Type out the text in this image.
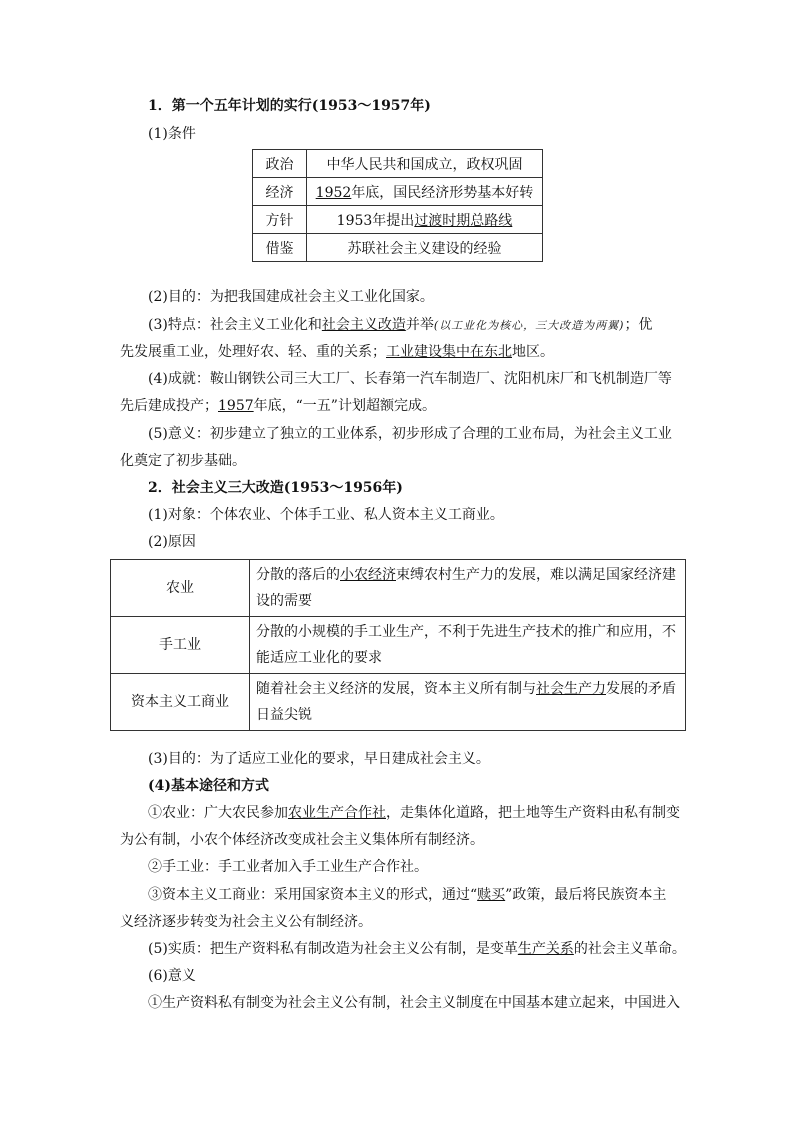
1．第一个五年计划的实行(1953～1957年)
(1)条件
政治	中华人民共和国成立，政权巩固
经济	1952年底，国民经济形势基本好转
方针	1953年提出过渡时期总路线
借鉴	苏联社会主义建设的经验
(2)目的：为把我国建成社会主义工业化国家。
(3)特点：社会主义工业化和社会主义改造并举(以工业化为核心，三大改造为两翼)；优
先发展重工业，处理好农、轻、重的关系；工业建设集中在东北地区。
(4)成就：鞍山钢铁公司三大工厂、长春第一汽车制造厂、沈阳机床厂和飞机制造厂等
先后建成投产；1957年底，“一五”计划超额完成。
(5)意义：初步建立了独立的工业体系，初步形成了合理的工业布局，为社会主义工业
化奠定了初步基础。
2．社会主义三大改造(1953～1956年)
(1)对象：个体农业、个体手工业、私人资本主义工商业。
(2)原因
农业	分散的落后的小农经济束缚农村生产力的发展，难以满足国家经济建设的需要
手工业	分散的小规模的手工业生产，不利于先进生产技术的推广和应用，不能适应工业化的要求
资本主义工商业	随着社会主义经济的发展，资本主义所有制与社会生产力发展的矛盾日益尖锐
(3)目的：为了适应工业化的要求，早日建成社会主义。
(4)基本途径和方式
①农业：广大农民参加农业生产合作社，走集体化道路，把土地等生产资料由私有制变
为公有制，小农个体经济改变成社会主义集体所有制经济。
②手工业：手工业者加入手工业生产合作社。
③资本主义工商业：采用国家资本主义的形式，通过“赎买”政策，最后将民族资本主
义经济逐步转变为社会主义公有制经济。
(5)实质：把生产资料私有制改造为社会主义公有制，是变革生产关系的社会主义革命。
(6)意义
①生产资料私有制变为社会主义公有制，社会主义制度在中国基本建立起来，中国进入
